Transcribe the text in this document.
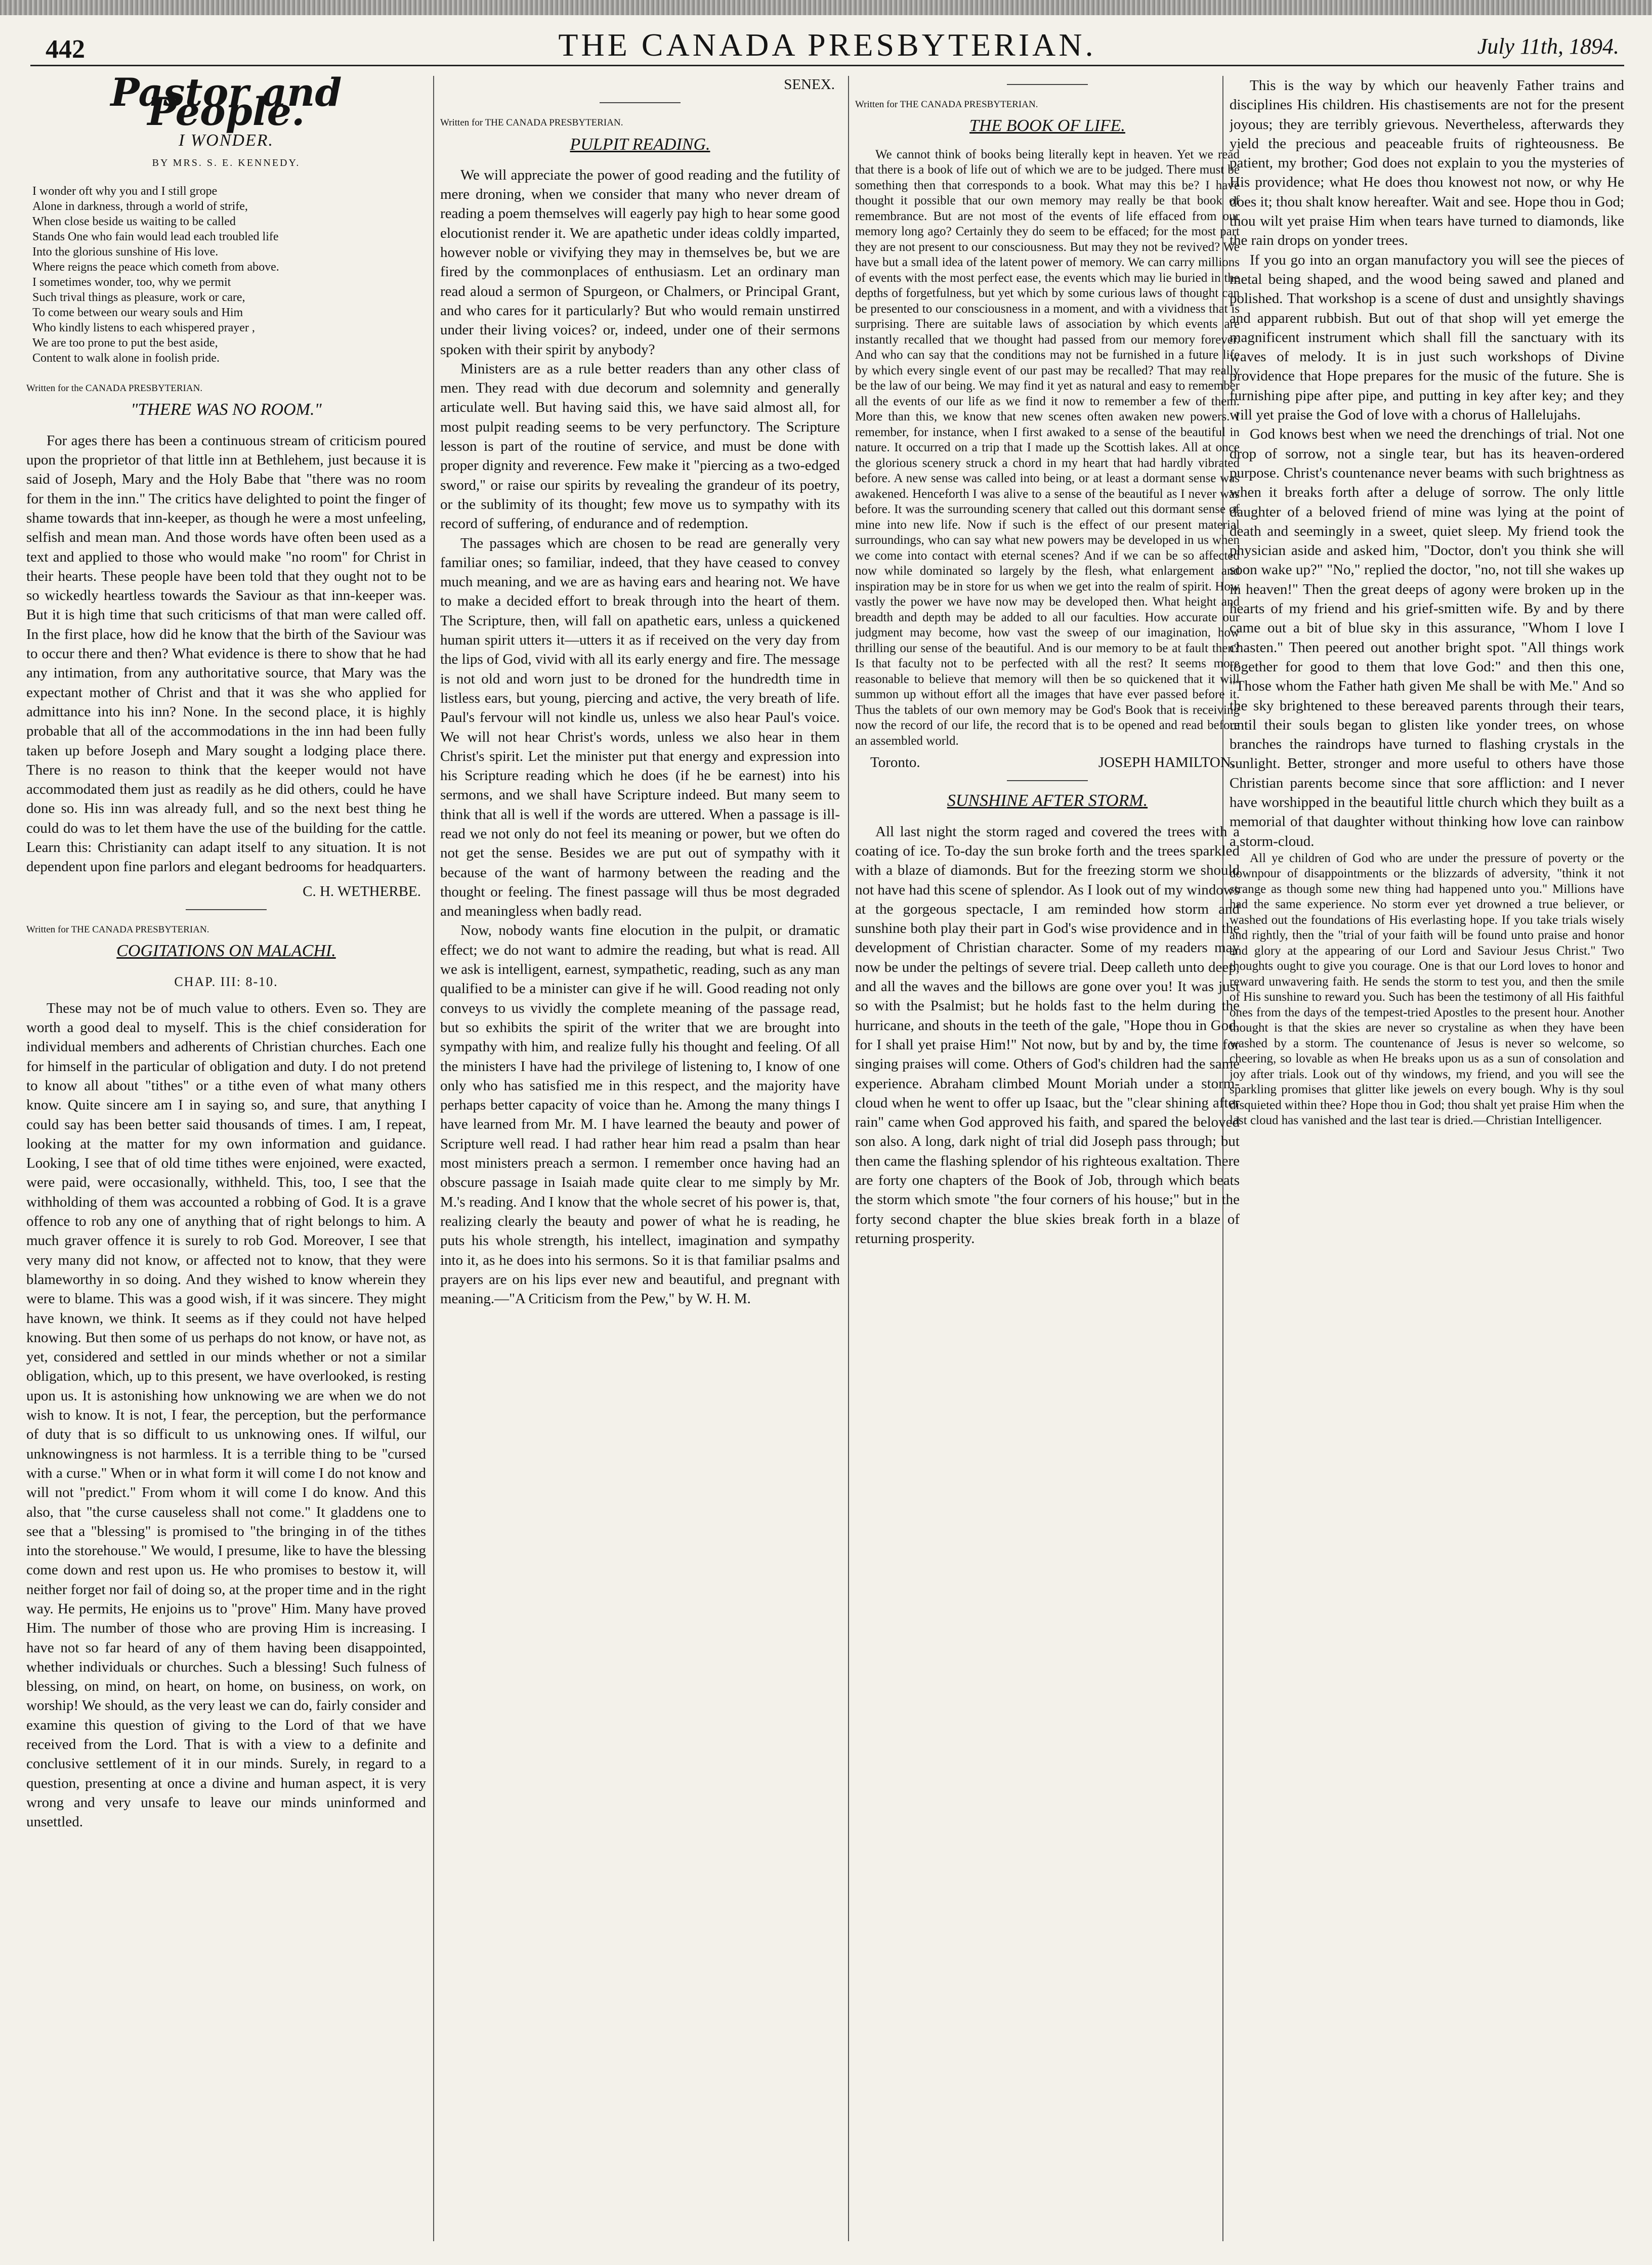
442	THE CANADA PRESBYTERIAN.	July 11th, 1894.
Pastor and People.
I WONDER.
BY MRS. S. E. KENNEDY.
I wonder oft why you and I still grope
Alone in darkness, through a world of strife,
When close beside us waiting to be called
Stands One who fain would lead each troubled life
Into the glorious sunshine of His love.
Where reigns the peace which cometh from above.
I sometimes wonder, too, why we permit
Such trival things as pleasure, work or care,
To come between our weary souls and Him
Who kindly listens to each whispered prayer ,
We are too prone to put the best aside,
Content to walk alone in foolish pride.
Written for the CANADA PRESBYTERIAN.
"THERE WAS NO ROOM."

For ages there has been a continuous stream of criticism poured upon the proprietor of that little inn at Bethlehem, just because it is said of Joseph, Mary and the Holy Babe that "there was no room for them in the inn." The critics have delighted to point the finger of shame towards that inn-keeper, as though he were a most unfeeling, selfish and mean man. And those words have often been used as a text and applied to those who would make "no room" for Christ in their hearts. These people have been told that they ought not to be so wickedly heartless towards the Saviour as that inn-keeper was. But it is high time that such criticisms of that man were called off. In the first place, how did he know that the birth of the Saviour was to occur there and then? What evidence is there to show that he had any intimation, from any authoritative source, that Mary was the expectant mother of Christ and that it was she who applied for admittance into his inn? None. In the second place, it is highly probable that all of the accommodations in the inn had been fully taken up before Joseph and Mary sought a lodging place there. There is no reason to think that the keeper would not have accommodated them just as readily as he did others, could he have done so. His inn was already full, and so the next best thing he could do was to let them have the use of the building for the cattle. Learn this: Christianity can adapt itself to any situation. It is not dependent upon fine parlors and elegant bedrooms for headquarters.

C. H. WETHERBE.
Written for THE CANADA PRESBYTERIAN.
COGITATIONS ON MALACHI.
CHAP. III: 8-10.

These may not be of much value to others. Even so. They are worth a good deal to myself. This is the chief consideration for individual members and adherents of Christian churches. Each one for himself in the particular of obligation and duty. I do not pretend to know all about "tithes" or a tithe even of what many others know. Quite sincere am I in saying so, and sure, that anything I could say has been better said thousands of times. I am, I repeat, looking at the matter for my own information and guidance. Looking, I see that of old time tithes were enjoined, were exacted, were paid, were occasionally, withheld. This, too, I see that the withholding of them was accounted a robbing of God. It is a grave offence to rob any one of anything that of right belongs to him. A much graver offence it is surely to rob God. Moreover, I see that very many did not know, or affected not to know, that they were blameworthy in so doing. And they wished to know wherein they were to blame. This was a good wish, if it was sincere. They might have known, we think. It seems as if they could not have helped knowing. But then some of us perhaps do not know, or have not, as yet, considered and settled in our minds whether or not a similar obligation, which, up to this present, we have overlooked, is resting upon us. It is astonishing how unknowing we are when we do not wish to know. It is not, I fear, the perception, but the performance of duty that is so difficult to us unknowing ones. If wilful, our unknowingness is not harmless. It is a terrible thing to be "cursed with a curse." When or in what form it will come I do not know and will not "predict." From whom it will come I do know. And this also, that "the curse causeless shall not come." It gladdens one to see that a "blessing" is promised to "the bringing in of the tithes into the storehouse." We would, I presume, like to have the blessing come down and rest upon us. He who promises to bestow it, will neither forget nor fail of doing so, at the proper time and in the right way. He permits, He enjoins us to "prove" Him. Many have proved Him. The number of those who are proving Him is increasing. I have not so far heard of any of them having been disappointed, whether individuals or churches. Such a blessing! Such fulness of blessing, on mind, on heart, on home, on business, on work, on worship! We should, as the very least we can do, fairly consider and examine this question of giving to the Lord of that we have received from the Lord. That is with a view to a definite and conclusive settlement of it in our minds. Surely, in regard to a question, presenting at once a divine and human aspect, it is very wrong and very unsafe to leave our minds uninformed and unsettled.

SENEX.
Written for THE CANADA PRESBYTERIAN.
PULPIT READING.

We will appreciate the power of good reading and the futility of mere droning, when we consider that many who never dream of reading a poem themselves will eagerly pay high to hear some good elocutionist render it. We are apathetic under ideas coldly imparted, however noble or vivifying they may in themselves be, but we are fired by the commonplaces of enthusiasm. Let an ordinary man read aloud a sermon of Spurgeon, or Chalmers, or Principal Grant, and who cares for it particularly? But who would remain unstirred under their living voices? or, indeed, under one of their sermons spoken with their spirit by anybody?

Ministers are as a rule better readers than any other class of men. They read with due decorum and solemnity and generally articulate well. But having said this, we have said almost all, for most pulpit reading seems to be very perfunctory. The Scripture lesson is part of the routine of service, and must be done with proper dignity and reverence. Few make it "piercing as a two-edged sword," or raise our spirits by revealing the grandeur of its poetry, or the sublimity of its thought; few move us to sympathy with its record of suffering, of endurance and of redemption.

The passages which are chosen to be read are generally very familiar ones; so familiar, indeed, that they have ceased to convey much meaning, and we are as having ears and hearing not. We have to make a decided effort to break through into the heart of them. The Scripture, then, will fall on apathetic ears, unless a quickened human spirit utters it—utters it as if received on the very day from the lips of God, vivid with all its early energy and fire. The message is not old and worn just to be droned for the hundredth time in listless ears, but young, piercing and active, the very breath of life. Paul's fervour will not kindle us, unless we also hear Paul's voice. We will not hear Christ's words, unless we also hear in them Christ's spirit. Let the minister put that energy and expression into his Scripture reading which he does (if he be earnest) into his sermons, and we shall have Scripture indeed. But many seem to think that all is well if the words are uttered. When a passage is ill-read we not only do not feel its meaning or power, but we often do not get the sense. Besides we are put out of sympathy with it because of the want of harmony between the reading and the thought or feeling. The finest passage will thus be most degraded and meaningless when badly read.

Now, nobody wants fine elocution in the pulpit, or dramatic effect; we do not want to admire the reading, but what is read. All we ask is intelligent, earnest, sympathetic, reading, such as any man qualified to be a minister can give if he will. Good reading not only conveys to us vividly the complete meaning of the passage read, but so exhibits the spirit of the writer that we are brought into sympathy with him, and realize fully his thought and feeling. Of all the ministers I have had the privilege of listening to, I know of one only who has satisfied me in this respect, and the majority have perhaps better capacity of voice than he. Among the many things I have learned from Mr. M. I have learned the beauty and power of Scripture well read. I had rather hear him read a psalm than hear most ministers preach a sermon. I remember once having had an obscure passage in Isaiah made quite clear to me simply by Mr. M.'s reading. And I know that the whole secret of his power is, that, realizing clearly the beauty and power of what he is reading, he puts his whole strength, his intellect, imagination and sympathy into it, as he does into his sermons. So it is that familiar psalms and prayers are on his lips ever new and beautiful, and pregnant with meaning.—"A Criticism from the Pew," by W. H. M.

Written for THE CANADA PRESBYTERIAN.
THE BOOK OF LIFE.

We cannot think of books being literally kept in heaven. Yet we read that there is a book of life out of which we are to be judged. There must be something then that corresponds to a book. What may this be? I have thought it possible that our own memory may really be that book of remembrance. But are not most of the events of life effaced from our memory long ago? Certainly they do seem to be effaced; for the most part they are not present to our consciousness. But may they not be revived? We have but a small idea of the latent power of memory. We can carry millions of events with the most perfect ease, the events which may lie buried in the depths of forgetfulness, but yet which by some curious laws of thought can be presented to our consciousness in a moment, and with a vividness that is surprising. There are suitable laws of association by which events are instantly recalled that we thought had passed from our memory forever. And who can say that the conditions may not be furnished in a future life by which every single event of our past may be recalled? That may really be the law of our being. We may find it yet as natural and easy to remember all the events of our life as we find it now to remember a few of them. More than this, we know that new scenes often awaken new powers. I remember, for instance, when I first awaked to a sense of the beautiful in nature. It occurred on a trip that I made up the Scottish lakes. All at once the glorious scenery struck a chord in my heart that had hardly vibrated before. A new sense was called into being, or at least a dormant sense was awakened. Henceforth I was alive to a sense of the beautiful as I never was before. It was the surrounding scenery that called out this dormant sense of mine into new life. Now if such is the effect of our present material surroundings, who can say what new powers may be developed in us when we come into contact with eternal scenes? And if we can be so affected now while dominated so largely by the flesh, what enlargement and inspiration may be in store for us when we get into the realm of spirit. How vastly the power we have now may be developed then. What height and breadth and depth may be added to all our faculties. How accurate our judgment may become, how vast the sweep of our imagination, how thrilling our sense of the beautiful. And is our memory to be at fault then? Is that faculty not to be perfected with all the rest? It seems more reasonable to believe that memory will then be so quickened that it will summon up without effort all the images that have ever passed before it. Thus the tablets of our own memory may be God's Book that is receiving now the record of our life, the record that is to be opened and read before an assembled world.

Toronto.	JOSEPH HAMILTON.
SUNSHINE AFTER STORM.

All last night the storm raged and covered the trees with a coating of ice. To-day the sun broke forth and the trees sparkled with a blaze of diamonds. But for the freezing storm we should not have had this scene of splendor. As I look out of my windows at the gorgeous spectacle, I am reminded how storm and sunshine both play their part in God's wise providence and in the development of Christian character. Some of my readers may now be under the peltings of severe trial. Deep calleth unto deep, and all the waves and the billows are gone over you! It was just so with the Psalmist; but he holds fast to the helm during the hurricane, and shouts in the teeth of the gale, "Hope thou in God, for I shall yet praise Him!" Not now, but by and by, the time for singing praises will come. Others of God's children had the same experience. Abraham climbed Mount Moriah under a storm-cloud when he went to offer up Isaac, but the "clear shining after rain" came when God approved his faith, and spared the beloved son also. A long, dark night of trial did Joseph pass through; but then came the flashing splendor of his righteous exaltation. There are forty one chapters of the Book of Job, through which beats the storm which smote "the four corners of his house;" but in the forty second chapter the blue skies break forth in a blaze of returning prosperity.

This is the way by which our heavenly Father trains and disciplines His children. His chastisements are not for the present joyous; they are terribly grievous. Nevertheless, afterwards they yield the precious and peaceable fruits of righteousness. Be patient, my brother; God does not explain to you the mysteries of His providence; what He does thou knowest not now, or why He does it; thou shalt know hereafter. Wait and see. Hope thou in God; thou wilt yet praise Him when tears have turned to diamonds, like the rain drops on yonder trees.

If you go into an organ manufactory you will see the pieces of metal being shaped, and the wood being sawed and planed and polished. That workshop is a scene of dust and unsightly shavings and apparent rubbish. But out of that shop will yet emerge the magnificent instrument which shall fill the sanctuary with its waves of melody. It is in just such workshops of Divine providence that Hope prepares for the music of the future. She is furnishing pipe after pipe, and putting in key after key; and they will yet praise the God of love with a chorus of Hallelujahs.

God knows best when we need the drenchings of trial. Not one drop of sorrow, not a single tear, but has its heaven-ordered purpose. Christ's countenance never beams with such brightness as when it breaks forth after a deluge of sorrow. The only little daughter of a beloved friend of mine was lying at the point of death and seemingly in a sweet, quiet sleep. My friend took the physician aside and asked him, "Doctor, don't you think she will soon wake up?" "No," replied the doctor, "no, not till she wakes up in heaven!" Then the great deeps of agony were broken up in the hearts of my friend and his grief-smitten wife. By and by there came out a bit of blue sky in this assurance, "Whom I love I chasten." Then peered out another bright spot. "All things work together for good to them that love God:" and then this one, "Those whom the Father hath given Me shall be with Me." And so the sky brightened to these bereaved parents through their tears, until their souls began to glisten like yonder trees, on whose branches the raindrops have turned to flashing crystals in the sunlight. Better, stronger and more useful to others have those Christian parents become since that sore affliction: and I never have worshipped in the beautiful little church which they built as a memorial of that daughter without thinking how love can rainbow a storm-cloud.

All ye children of God who are under the pressure of poverty or the downpour of disappointments or the blizzards of adversity, "think it not strange as though some new thing had happened unto you." Millions have had the same experience. No storm ever yet drowned a true believer, or washed out the foundations of His everlasting hope. If you take trials wisely and rightly, then the "trial of your faith will be found unto praise and honor and glory at the appearing of our Lord and Saviour Jesus Christ." Two thoughts ought to give you courage. One is that our Lord loves to honor and reward unwavering faith. He sends the storm to test you, and then the smile of His sunshine to reward you. Such has been the testimony of all His faithful ones from the days of the tempest-tried Apostles to the present hour. Another thought is that the skies are never so crystaline as when they have been washed by a storm. The countenance of Jesus is never so welcome, so cheering, so lovable as when He breaks upon us as a sun of consolation and joy after trials. Look out of thy windows, my friend, and you will see the sparkling promises that glitter like jewels on every bough. Why is thy soul disquieted within thee? Hope thou in God; thou shalt yet praise Him when the last cloud has vanished and the last tear is dried.—Christian Intelligencer.
